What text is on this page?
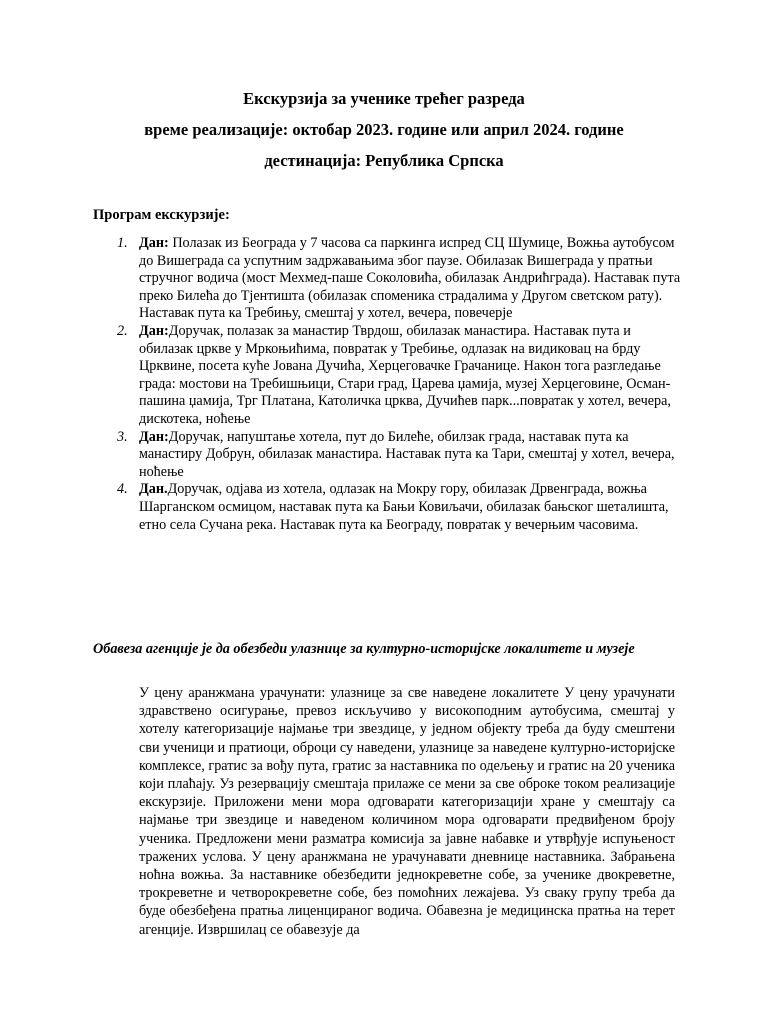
Екскурзија за ученике трећег разреда
време реализације: октобар 2023. године или април 2024. године
дестинација: Република Српска
Програм екскурзије:
1. Дан: Полазак из Београда у 7 часова са паркинга испред СЦ Шумице, Вожња аутобусом до Вишеграда са успутним задржавањима због паузе. Обилазак Вишеграда у пратњи стручног водича (мост Мехмед-паше Соколовића, обилазак Андрићграда). Наставак пута преко Билећа до Тјентишта (обилазак споменика страдалима у Другом светском рату). Наставак пута ка Требињу, смештај у хотел, вечера, повечерје
2. Дан:Доручак, полазак за манастир Тврдош, обилазак манастира. Наставак пута и обилазак цркве у Мркоњићима, повратак у Требиње, одлазак на видиковац на брду Црквине, посета куће Јована Дучића, Херцеговачке Грачанице. Након тога разгледање града: мостови на Требишњици, Стари град, Царева џамија, музеј Херцеговине, Осман-пашина џамија, Трг Платана, Католичка црква, Дучићев парк...повратак у хотел, вечера, дискотека, ноћење
3. Дан:Доручак, напуштање хотела, пут до Билеће, обилзак града, наставак пута ка манастиру Добрун, обилазак манастира. Наставак пута ка Тари, смештај у хотел, вечера, ноћење
4. Дан.Доручак, одјава из хотела, одлазак на Мокру гору, обилазак Дрвенграда, вожња Шарганском осмицом, наставак пута ка Бањи Ковиљачи, обилазак бањског шеталишта, етно села Сучана река. Наставак пута ка Београду, повратак у вечерњим часовима.
Обавеза агенције је да обезбеди улазнице за културно-историјске локалитете и музеје
У цену аранжмана урачунати: улазнице за све наведене локалитете У цену урачунати здравствено осигурање, превоз искључиво у високоподним аутобусима, смештај у хотелу категоризације најмање три звездице, у једном објекту треба да буду смештени сви ученици и пратиоци, оброци су наведени, улазнице за наведене културно-историјске комплексе, гратис за вођу пута, гратис за наставника по одељењу и гратис на 20 ученика који плаћају. Уз резервацију смештаја прилаже се мени за све оброке током реализације екскурзије. Приложени мени мора одговарати категоризацији хране у смештају са најмање три звездице и наведеном количином мора одговарати предвиђеном броју ученика. Предложени мени разматра комисија за јавне набавке и утврђује испуњеност тражених услова. У цену аранжмана не урачунавати дневнице наставника. Забрањена ноћна вожња. За наставнике обезбедити једнокреветне собе, за ученике двокреветне, трокреветне и четворокреветне собе, без помоћних лежајева. Уз сваку групу треба да буде обезбеђена пратња лиценцираног водича. Обавезна је медицинска пратња на терет агенције. Извршилац се обавезује да
